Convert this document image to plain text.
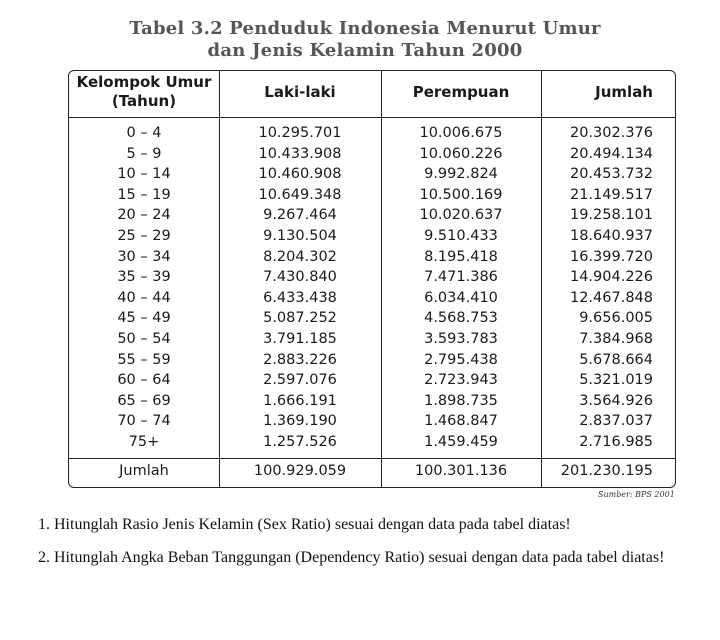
Tabel 3.2 Penduduk Indonesia Menurut Umur
dan Jenis Kelamin Tahun 2000
Kelompok Umur
(Tahun)	Laki-laki	Perempuan	Jumlah
0 – 4	10.295.701	10.006.675	20.302.376
5 – 9	10.433.908	10.060.226	20.494.134
10 – 14	10.460.908	9.992.824	20.453.732
15 – 19	10.649.348	10.500.169	21.149.517
20 – 24	9.267.464	10.020.637	19.258.101
25 – 29	9.130.504	9.510.433	18.640.937
30 – 34	8.204.302	8.195.418	16.399.720
35 – 39	7.430.840	7.471.386	14.904.226
40 – 44	6.433.438	6.034.410	12.467.848
45 – 49	5.087.252	4.568.753	9.656.005
50 – 54	3.791.185	3.593.783	7.384.968
55 – 59	2.883.226	2.795.438	5.678.664
60 – 64	2.597.076	2.723.943	5.321.019
65 – 69	1.666.191	1.898.735	3.564.926
70 – 74	1.369.190	1.468.847	2.837.037
75+	1.257.526	1.459.459	2.716.985
Jumlah	100.929.059	100.301.136	201.230.195
Sumber: BPS 2001
1. Hitunglah Rasio Jenis Kelamin (Sex Ratio) sesuai dengan data pada tabel diatas!
2. Hitunglah Angka Beban Tanggungan (Dependency Ratio) sesuai dengan data pada tabel diatas!
